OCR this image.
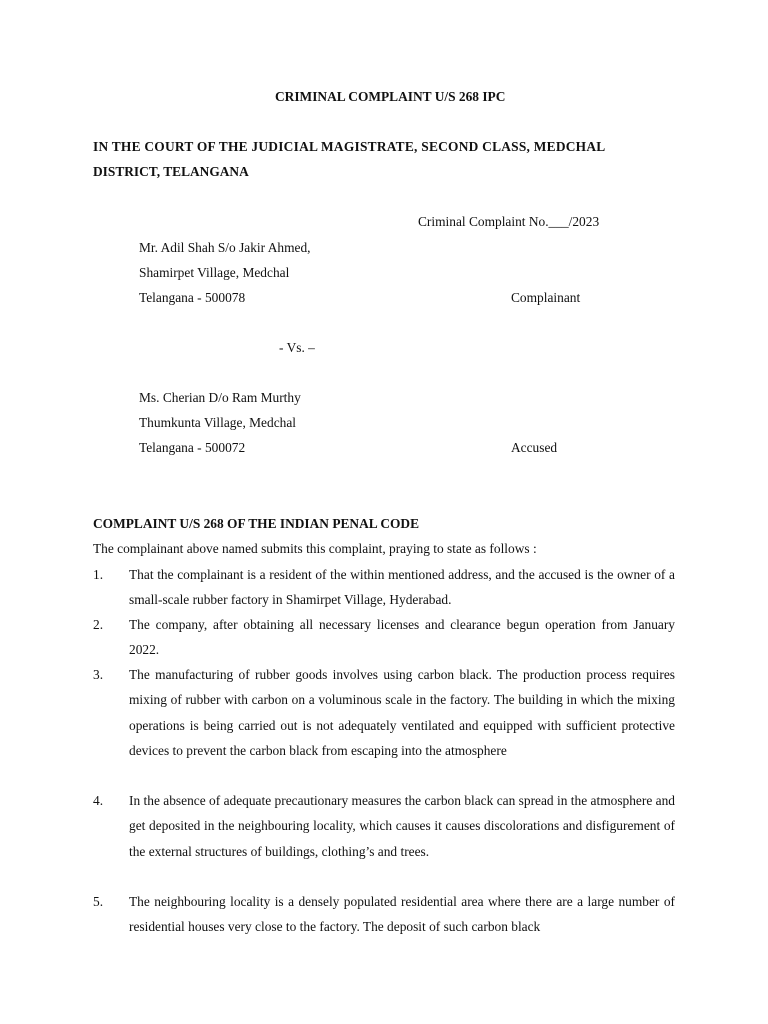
CRIMINAL COMPLAINT U/S 268 IPC
IN THE COURT OF THE JUDICIAL MAGISTRATE, SECOND CLASS, MEDCHAL
DISTRICT, TELANGANA
Criminal Complaint No.___/2023
Mr. Adil Shah S/o Jakir Ahmed,
Shamirpet Village, Medchal
Telangana - 500078	Complainant
- Vs. –
Ms. Cherian D/o Ram Murthy
Thumkunta Village, Medchal
Telangana - 500072	Accused
COMPLAINT U/S 268 OF THE INDIAN PENAL CODE
The complainant above named submits this complaint, praying to state as follows :
1. That the complainant is a resident of the within mentioned address, and the accused is the owner of a small-scale rubber factory in Shamirpet Village, Hyderabad.
2. The company, after obtaining all necessary licenses and clearance begun operation from January 2022.
3. The manufacturing of rubber goods involves using carbon black. The production process requires mixing of rubber with carbon on a voluminous scale in the factory. The building in which the mixing operations is being carried out is not adequately ventilated and equipped with sufficient protective devices to prevent the carbon black from escaping into the atmosphere
4. In the absence of adequate precautionary measures the carbon black can spread in the atmosphere and get deposited in the neighbouring locality, which causes it causes discolorations and disfigurement of the external structures of buildings, clothing’s and trees.
5. The neighbouring locality is a densely populated residential area where there are a large number of residential houses very close to the factory. The deposit of such carbon black
